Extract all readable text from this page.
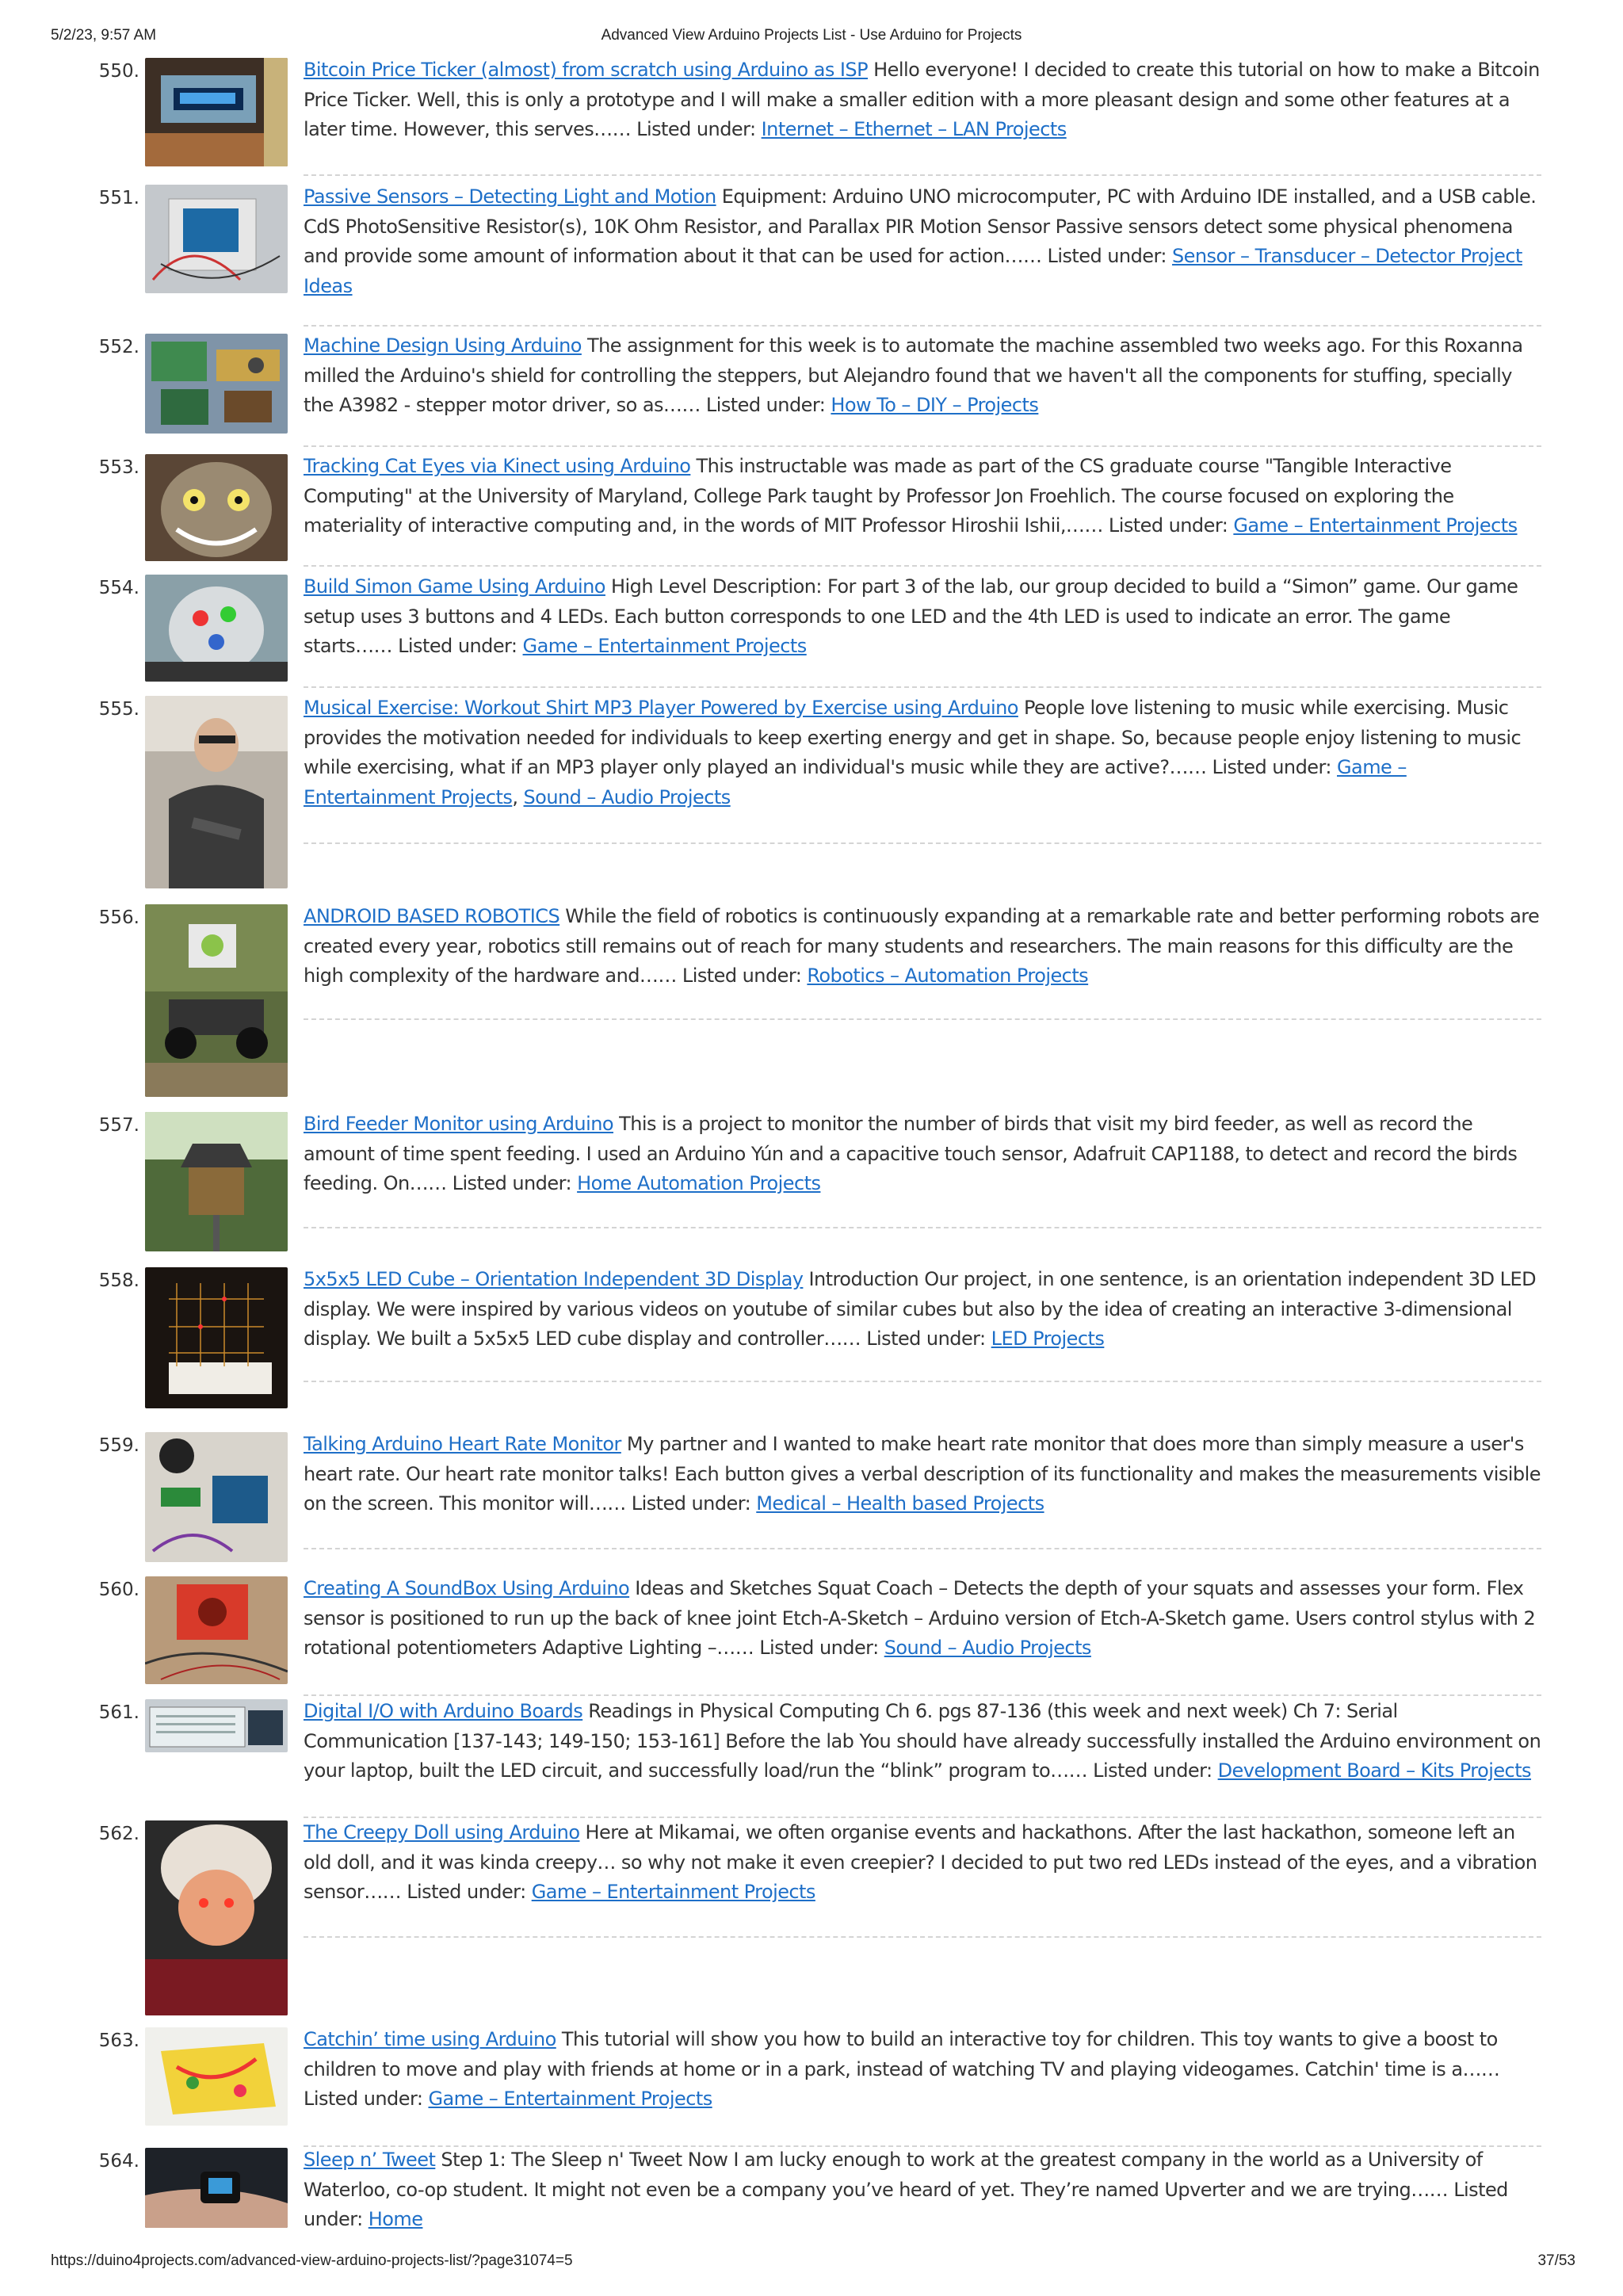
5/2/23, 9:57 AM	Advanced View Arduino Projects List - Use Arduino for Projects
550.	Bitcoin Price Ticker (almost) from scratch using Arduino as ISP Hello everyone! I decided to create this tutorial on how to make a Bitcoin Price Ticker. Well, this is only a prototype and I will make a smaller edition with a more pleasant design and some other features at a later time. However, this serves…… Listed under: Internet – Ethernet – LAN Projects
551.	Passive Sensors – Detecting Light and Motion Equipment: Arduino UNO microcomputer, PC with Arduino IDE installed, and a USB cable. CdS PhotoSensitive Resistor(s), 10K Ohm Resistor, and Parallax PIR Motion Sensor Passive sensors detect some physical phenomena and provide some amount of information about it that can be used for action…… Listed under: Sensor – Transducer – Detector Project Ideas
552.	Machine Design Using Arduino The assignment for this week is to automate the machine assembled two weeks ago. For this Roxanna milled the Arduino's shield for controlling the steppers, but Alejandro found that we haven't all the components for stuffing, specially the A3982 - stepper motor driver, so as…… Listed under: How To – DIY – Projects
553.	Tracking Cat Eyes via Kinect using Arduino This instructable was made as part of the CS graduate course "Tangible Interactive Computing" at the University of Maryland, College Park taught by Professor Jon Froehlich. The course focused on exploring the materiality of interactive computing and, in the words of MIT Professor Hiroshii Ishii,…… Listed under: Game – Entertainment Projects
554.	Build Simon Game Using Arduino High Level Description: For part 3 of the lab, our group decided to build a “Simon” game. Our game setup uses 3 buttons and 4 LEDs. Each button corresponds to one LED and the 4th LED is used to indicate an error. The game starts…… Listed under: Game – Entertainment Projects
555.	Musical Exercise: Workout Shirt MP3 Player Powered by Exercise using Arduino People love listening to music while exercising. Music provides the motivation needed for individuals to keep exerting energy and get in shape. So, because people enjoy listening to music while exercising, what if an MP3 player only played an individual's music while they are active?…… Listed under: Game – Entertainment Projects, Sound – Audio Projects
556.	ANDROID BASED ROBOTICS While the field of robotics is continuously expanding at a remarkable rate and better performing robots are created every year, robotics still remains out of reach for many students and researchers. The main reasons for this difficulty are the high complexity of the hardware and…… Listed under: Robotics – Automation Projects
557.	Bird Feeder Monitor using Arduino This is a project to monitor the number of birds that visit my bird feeder, as well as record the amount of time spent feeding. I used an Arduino Yún and a capacitive touch sensor, Adafruit CAP1188, to detect and record the birds feeding. On…… Listed under: Home Automation Projects
558.	5x5x5 LED Cube – Orientation Independent 3D Display Introduction Our project, in one sentence, is an orientation independent 3D LED display. We were inspired by various videos on youtube of similar cubes but also by the idea of creating an interactive 3-dimensional display. We built a 5x5x5 LED cube display and controller…… Listed under: LED Projects
559.	Talking Arduino Heart Rate Monitor My partner and I wanted to make heart rate monitor that does more than simply measure a user's heart rate. Our heart rate monitor talks! Each button gives a verbal description of its functionality and makes the measurements visible on the screen. This monitor will…… Listed under: Medical – Health based Projects
560.	Creating A SoundBox Using Arduino Ideas and Sketches Squat Coach – Detects the depth of your squats and assesses your form. Flex sensor is positioned to run up the back of knee joint Etch-A-Sketch – Arduino version of Etch-A-Sketch game. Users control stylus with 2 rotational potentiometers Adaptive Lighting –…… Listed under: Sound – Audio Projects
561.	Digital I/O with Arduino Boards Readings in Physical Computing Ch 6. pgs 87-136 (this week and next week) Ch 7: Serial Communication [137-143; 149-150; 153-161] Before the lab You should have already successfully installed the Arduino environment on your laptop, built the LED circuit, and successfully load/run the “blink” program to…… Listed under: Development Board – Kits Projects
562.	The Creepy Doll using Arduino Here at Mikamai, we often organise events and hackathons. After the last hackathon, someone left an old doll, and it was kinda creepy… so why not make it even creepier? I decided to put two red LEDs instead of the eyes, and a vibration sensor…… Listed under: Game – Entertainment Projects
563.	Catchin’ time using Arduino This tutorial will show you how to build an interactive toy for children. This toy wants to give a boost to children to move and play with friends at home or in a park, instead of watching TV and playing videogames. Catchin' time is a…… Listed under: Game – Entertainment Projects
564.	Sleep n’ Tweet Step 1: The Sleep n' Tweet Now I am lucky enough to work at the greatest company in the world as a University of Waterloo, co-op student. It might not even be a company you’ve heard of yet. They’re named Upverter and we are trying…… Listed under: Home
https://duino4projects.com/advanced-view-arduino-projects-list/?page31074=5	37/53
